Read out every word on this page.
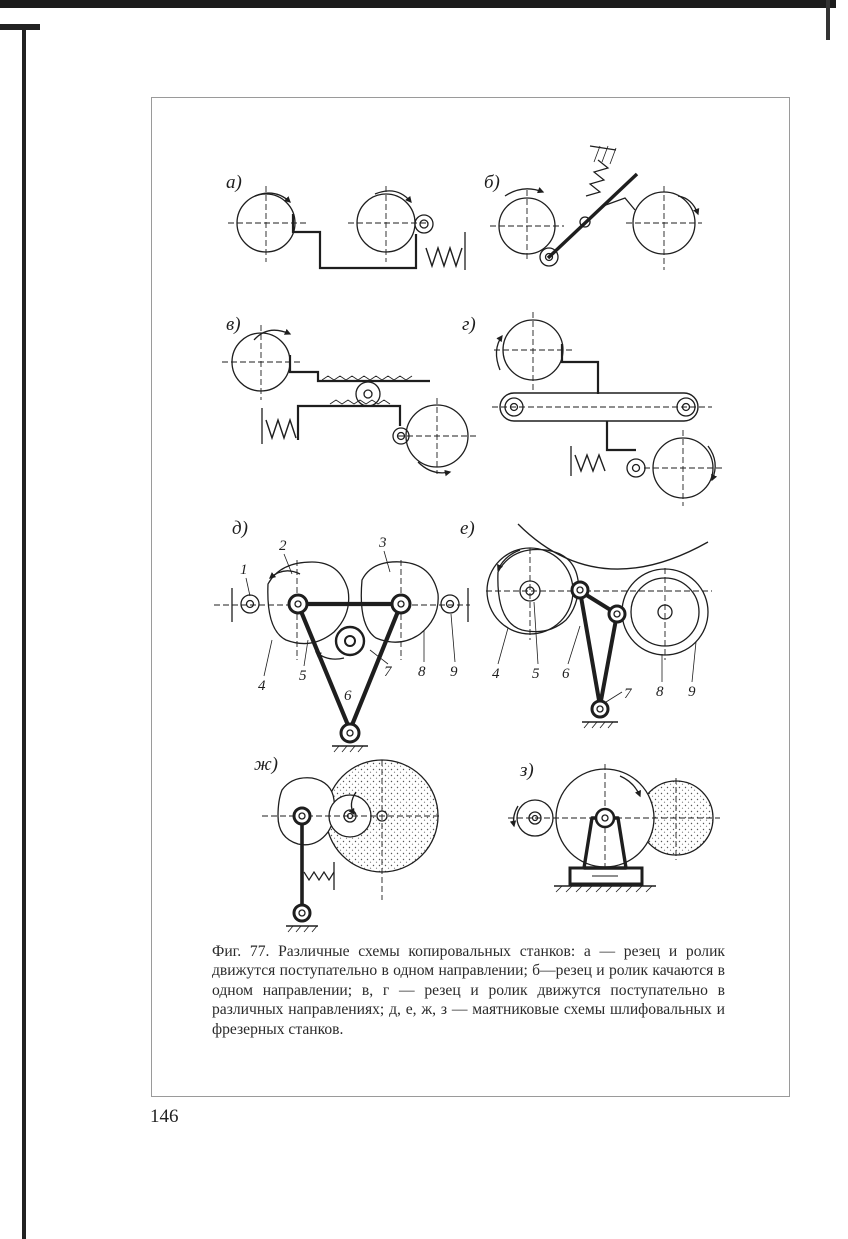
а)	б)
в)	г)
д)
1
2	3
4
5
6
7 8 9
е)
4 5 6
7 8 9
ж)	з)

Фиг. 77. Различные схемы копировальных станков: а — резец и ролик движутся поступательно в одном направлении; б—резец и ролик качаются в одном направлении; в, г — резец и ролик движутся поступательно в различных направлениях; д, е, ж, з — маятниковые схемы шлифовальных и фрезерных станков.

146
